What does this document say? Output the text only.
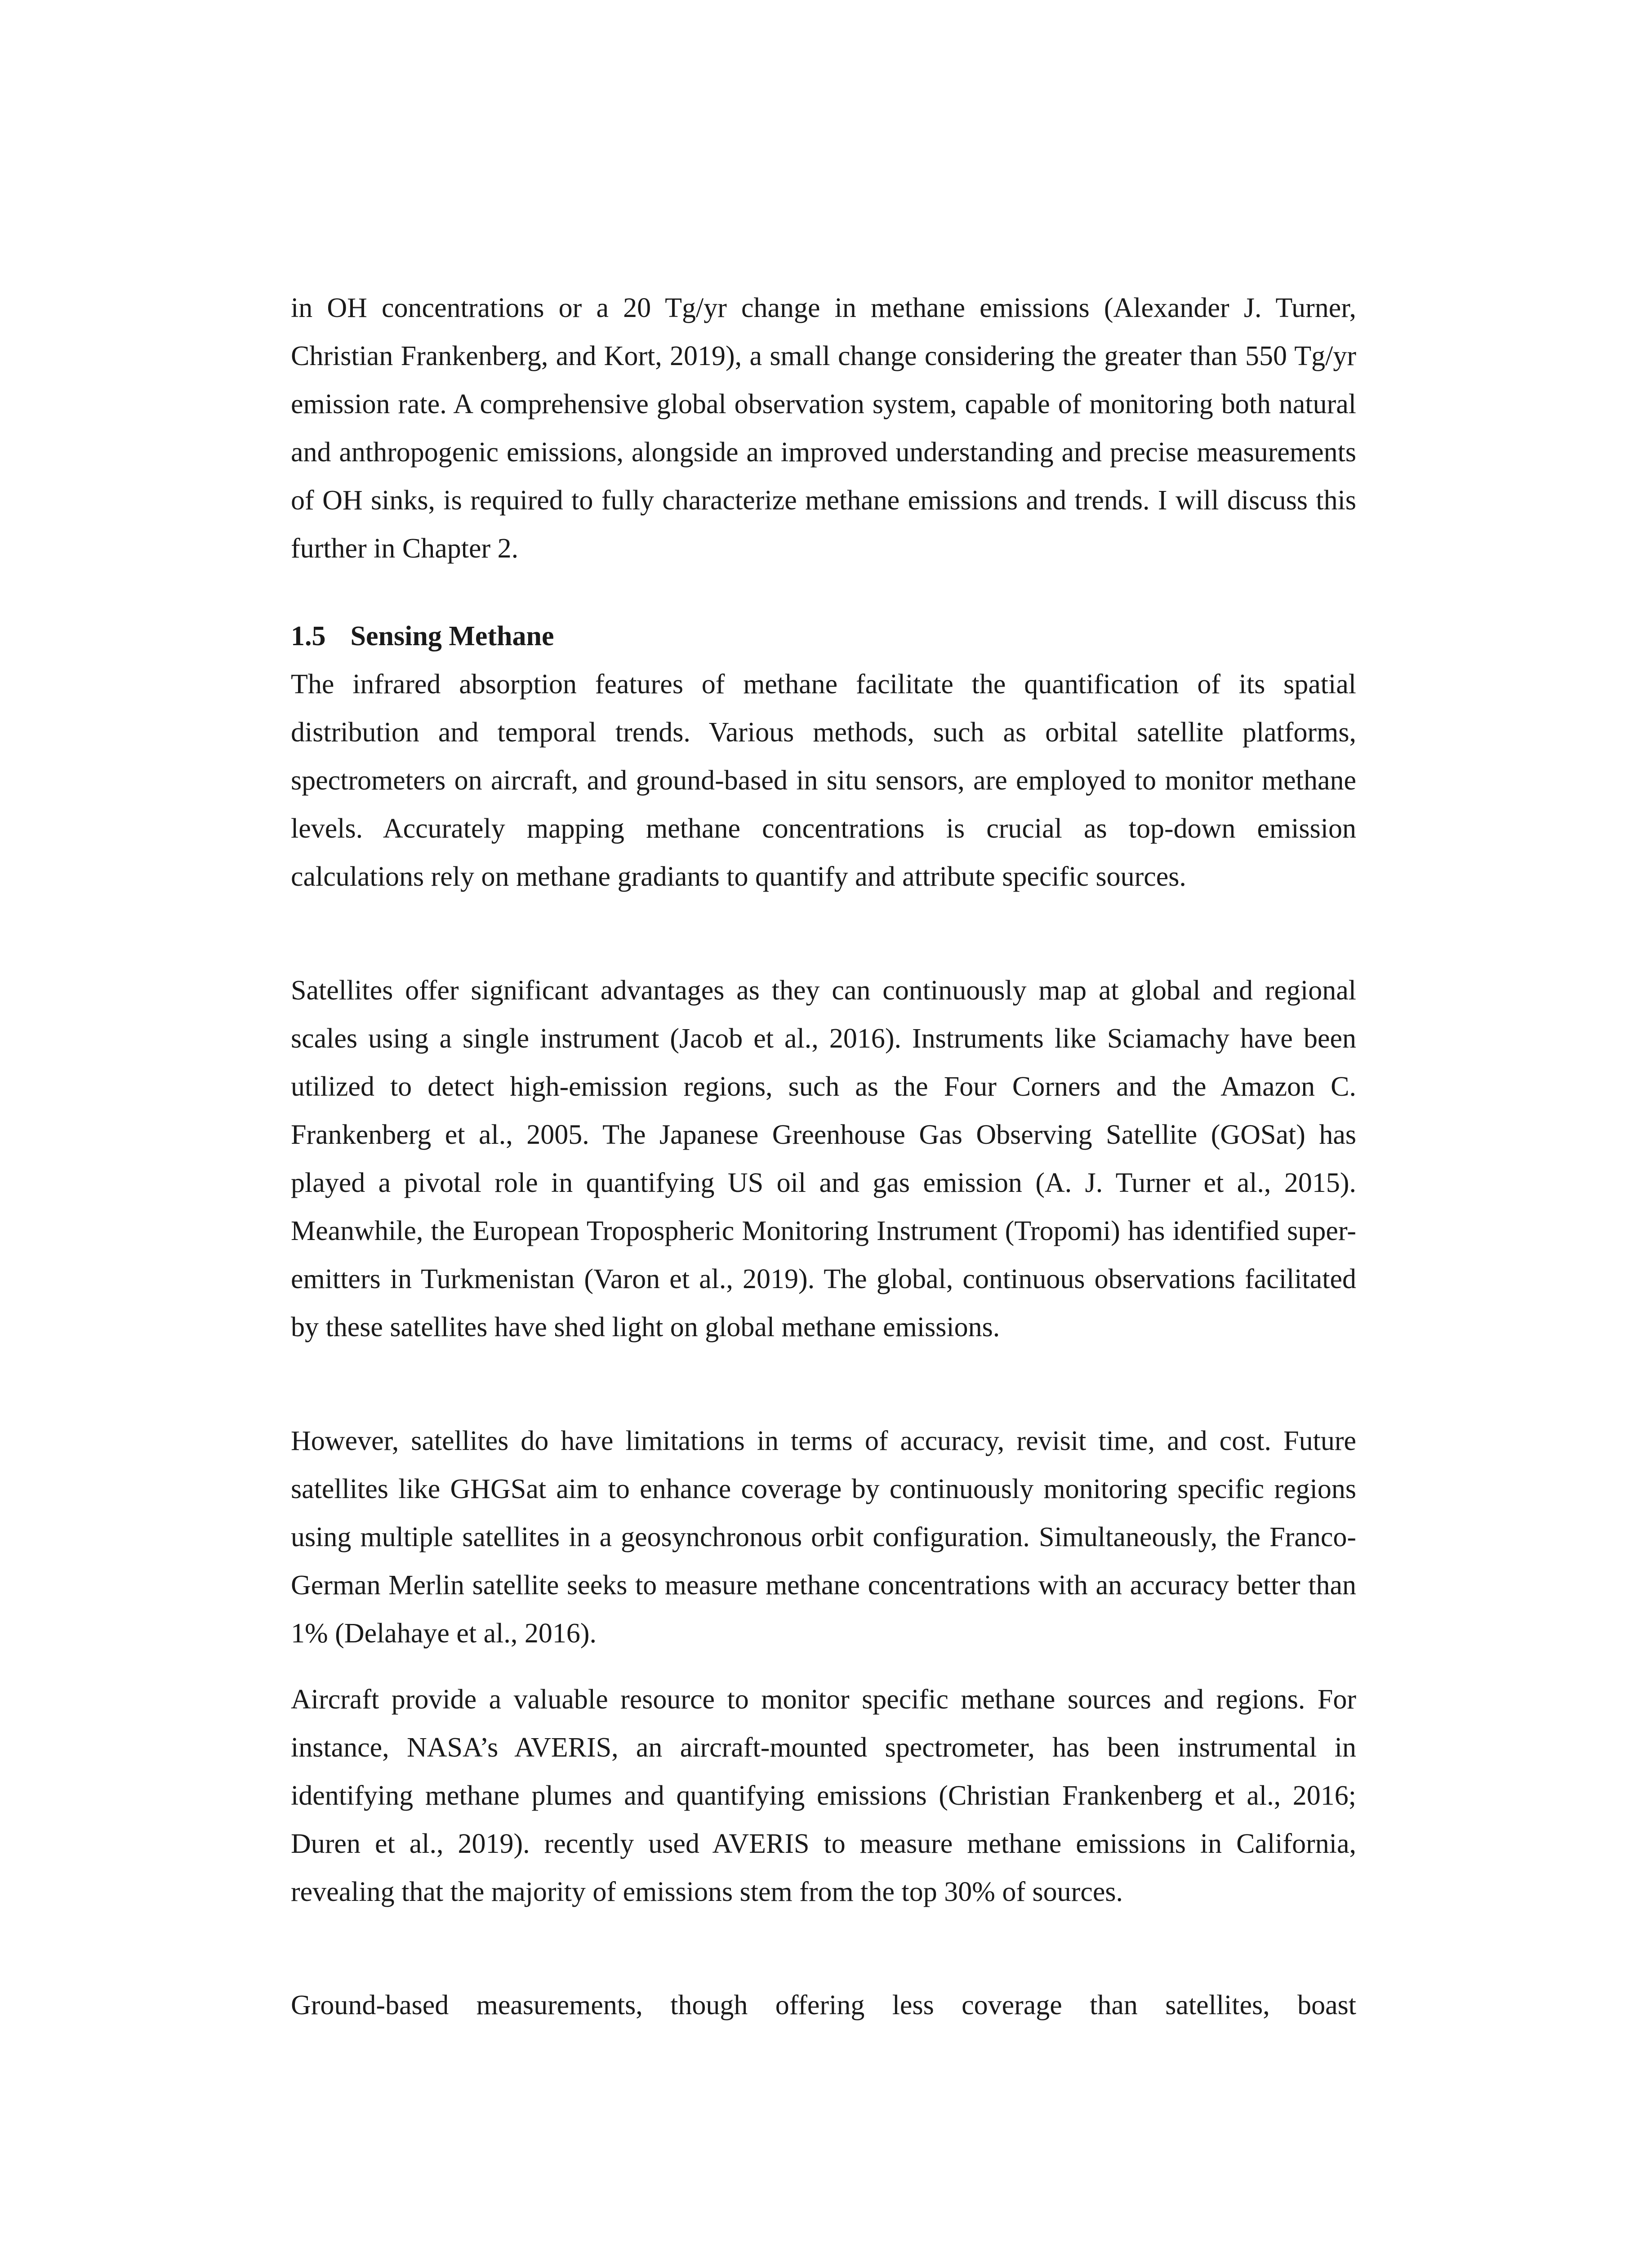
in OH concentrations or a 20 Tg/yr change in methane emissions (Alexander J. Turner, Christian Frankenberg, and Kort, 2019), a small change considering the greater than 550 Tg/yr emission rate. A comprehensive global observation system, capable of monitoring both natural and anthropogenic emissions, alongside an improved understanding and precise measurements of OH sinks, is required to fully characterize methane emissions and trends. I will discuss this further in Chapter 2.

1.5 Sensing Methane

The infrared absorption features of methane facilitate the quantification of its spatial distribution and temporal trends. Various methods, such as orbital satellite platforms, spectrometers on aircraft, and ground-based in situ sensors, are employed to monitor methane levels. Accurately mapping methane concentrations is crucial as top-down emission calculations rely on methane gradiants to quantify and attribute specific sources.

Satellites offer significant advantages as they can continuously map at global and regional scales using a single instrument (Jacob et al., 2016). Instruments like Sciamachy have been utilized to detect high-emission regions, such as the Four Corners and the Amazon C. Frankenberg et al., 2005. The Japanese Greenhouse Gas Observing Satellite (GOSat) has played a pivotal role in quantifying US oil and gas emission (A. J. Turner et al., 2015). Meanwhile, the European Tropospheric Monitoring Instrument (Tropomi) has identified super-emitters in Turkmenistan (Varon et al., 2019). The global, continuous observations facilitated by these satellites have shed light on global methane emissions.

However, satellites do have limitations in terms of accuracy, revisit time, and cost. Future satellites like GHGSat aim to enhance coverage by continuously monitoring specific regions using multiple satellites in a geosynchronous orbit configuration. Simultaneously, the Franco-German Merlin satellite seeks to measure methane concentrations with an accuracy better than 1% (Delahaye et al., 2016).

Aircraft provide a valuable resource to monitor specific methane sources and regions. For instance, NASA’s AVERIS, an aircraft-mounted spectrometer, has been instrumental in identifying methane plumes and quantifying emissions (Christian Frankenberg et al., 2016; Duren et al., 2019). recently used AVERIS to measure methane emissions in California, revealing that the majority of emissions stem from the top 30% of sources.

Ground-based measurements, though offering less coverage than satellites, boast
